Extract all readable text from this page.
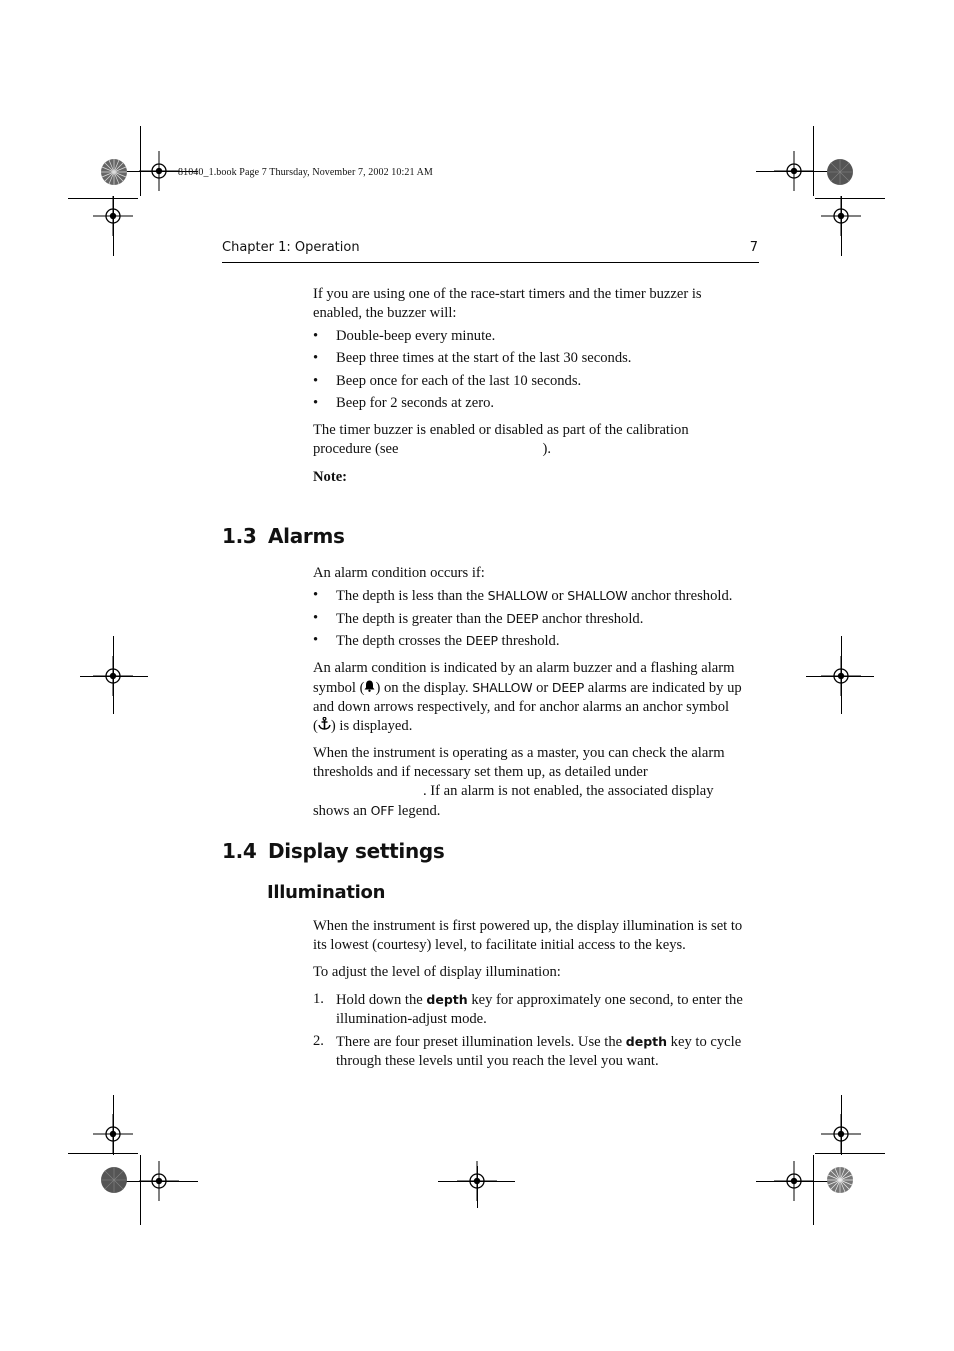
81040_1.book Page 7 Thursday, November 7, 2002 10:21 AM
Chapter 1: Operation	7
If you are using one of the race-start timers and the timer buzzer is
enabled, the buzzer will:
• Double-beep every minute.
• Beep three times at the start of the last 30 seconds.
• Beep once for each of the last 10 seconds.
• Beep for 2 seconds at zero.
The timer buzzer is enabled or disabled as part of the calibration
procedure (see	).
Note:
1.3 Alarms
An alarm condition occurs if:
• The depth is less than the SHALLOW or SHALLOW anchor threshold.
• The depth is greater than the DEEP anchor threshold.
• The depth crosses the DEEP threshold.
An alarm condition is indicated by an alarm buzzer and a flashing alarm
symbol ( ) on the display. SHALLOW or DEEP alarms are indicated by up
and down arrows respectively, and for anchor alarms an anchor symbol
( ) is displayed.
When the instrument is operating as a master, you can check the alarm
thresholds and if necessary set them up, as detailed under
. If an alarm is not enabled, the associated display
shows an OFF legend.
1.4 Display settings
Illumination
When the instrument is first powered up, the display illumination is set to
its lowest (courtesy) level, to facilitate initial access to the keys.
To adjust the level of display illumination:
1. Hold down the depth key for approximately one second, to enter the
illumination-adjust mode.
2. There are four preset illumination levels. Use the depth key to cycle
through these levels until you reach the level you want.
